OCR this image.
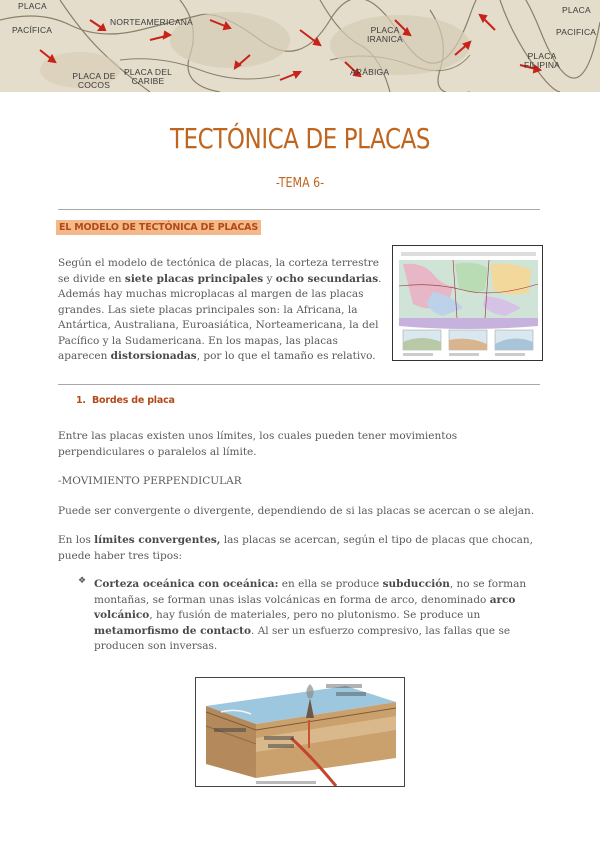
PLACA
PACÍFICA
NORTEAMERICANA
PLACA DEL CARIBE
PLACA DE COCOS
PLACA IRANICA
ARÁBIGA
PLACA
PACIFICA
PLACA FILIPINA
TECTÓNICA DE PLACAS
-TEMA 6-
EL MODELO DE TECTÓNICA DE PLACAS
Según el modelo de tectónica de placas, la corteza terrestre se divide en siete placas principales y ocho secundarias. Además hay muchas microplacas al margen de las placas grandes. Las siete placas principales son: la Africana, la Antártica, Australiana, Euroasiática, Norteamericana, la del Pacífico y la Sudamericana. En los mapas, las placas aparecen distorsionadas, por lo que el tamaño es relativo.
1. Bordes de placa
Entre las placas existen unos límites, los cuales pueden tener movimientos perpendiculares o paralelos al límite.
-MOVIMIENTO PERPENDICULAR
Puede ser convergente o divergente, dependiendo de si las placas se acercan o se alejan.
En los límites convergentes, las placas se acercan, según el tipo de placas que chocan, puede haber tres tipos:
❖ Corteza oceánica con oceánica: en ella se produce subducción, no se forman montañas, se forman unas islas volcánicas en forma de arco, denominado arco volcánico, hay fusión de materiales, pero no plutonismo. Se produce un metamorfismo de contacto. Al ser un esfuerzo compresivo, las fallas que se producen son inversas.
